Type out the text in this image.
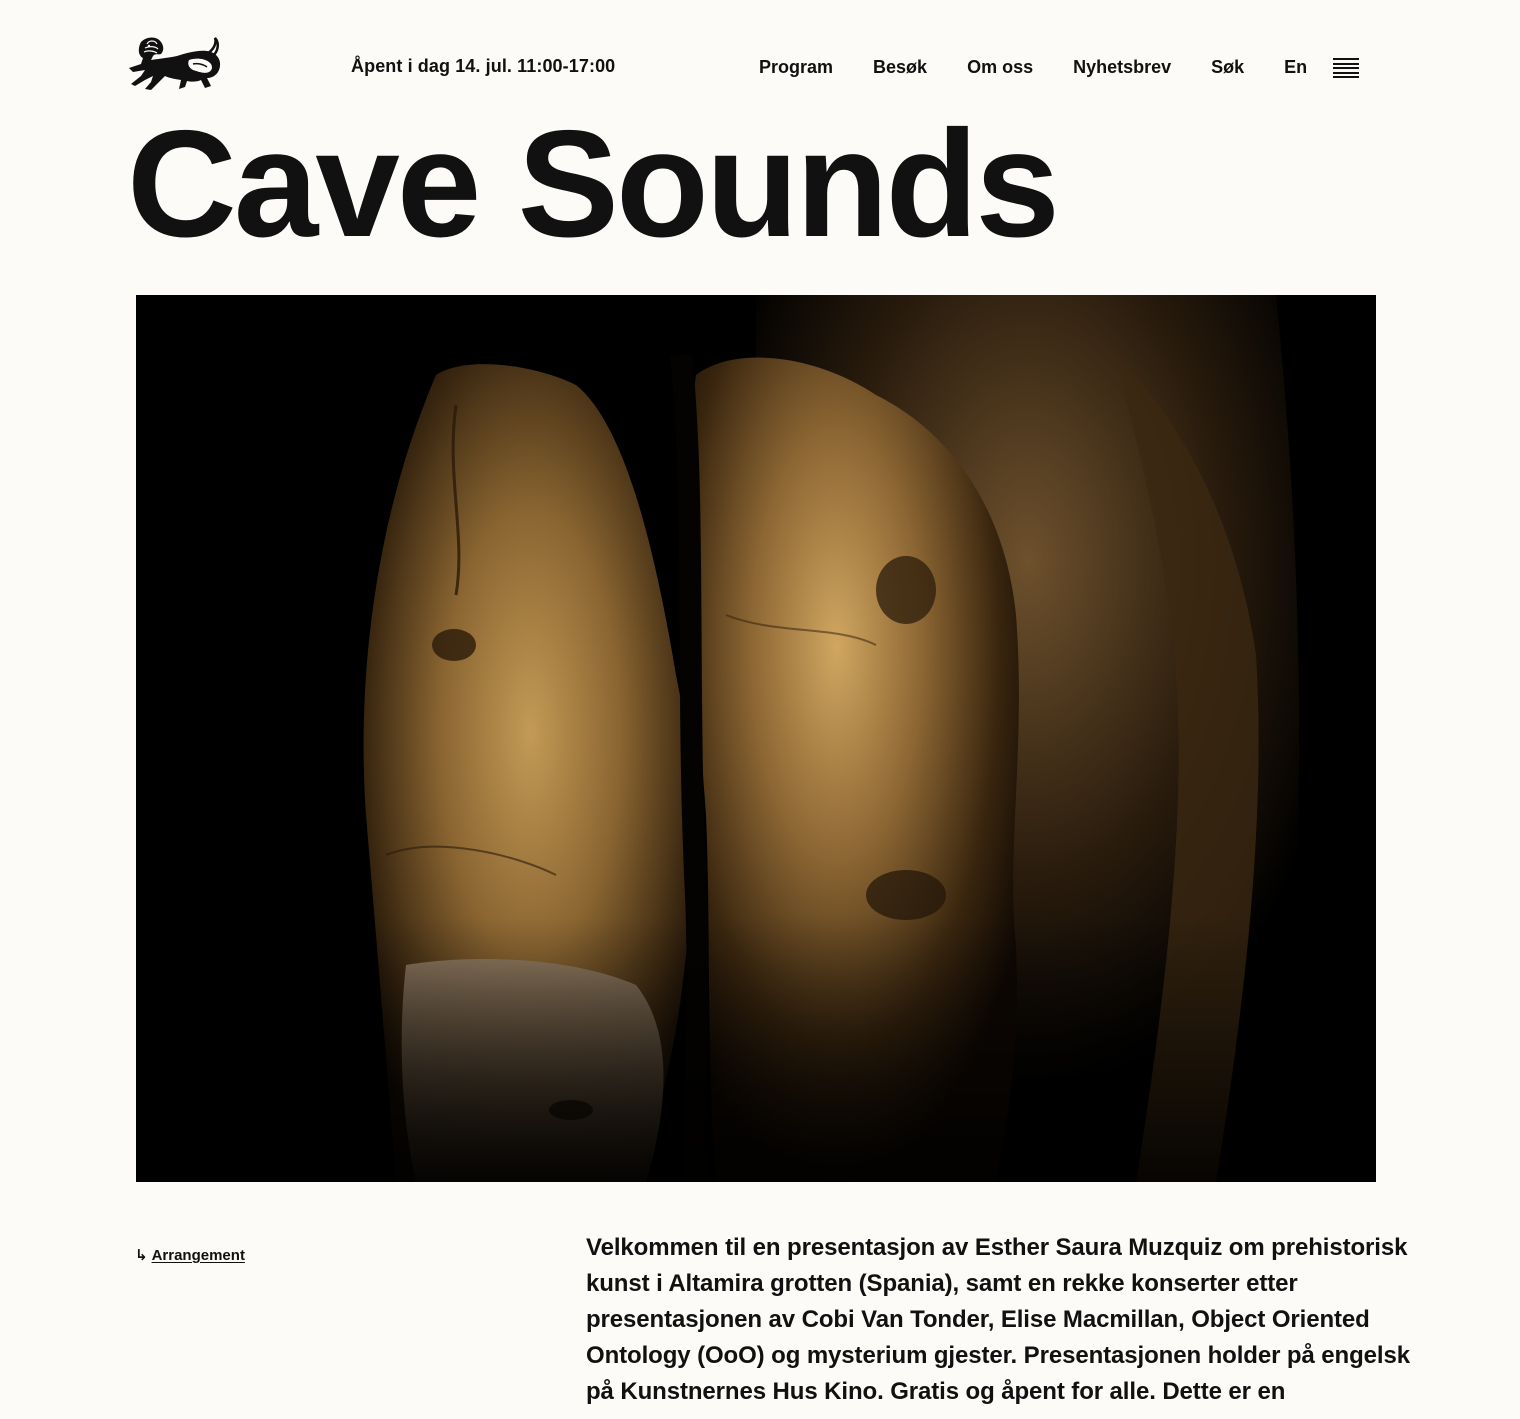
Åpent i dag 14. jul. 11:00-17:00	Program Besøk Om oss Nyhetsbrev Søk En
Cave Sounds
↳ Arrangement	Velkommen til en presentasjon av Esther Saura Muzquiz om prehistorisk kunst i Altamira grotten (Spania), samt en rekke konserter etter presentasjonen av Cobi Van Tonder, Elise Macmillan, Object Oriented Ontology (OoO) og mysterium gjester. Presentasjonen holder på engelsk på Kunstnernes Hus Kino. Gratis og åpent for alle. Dette er en
